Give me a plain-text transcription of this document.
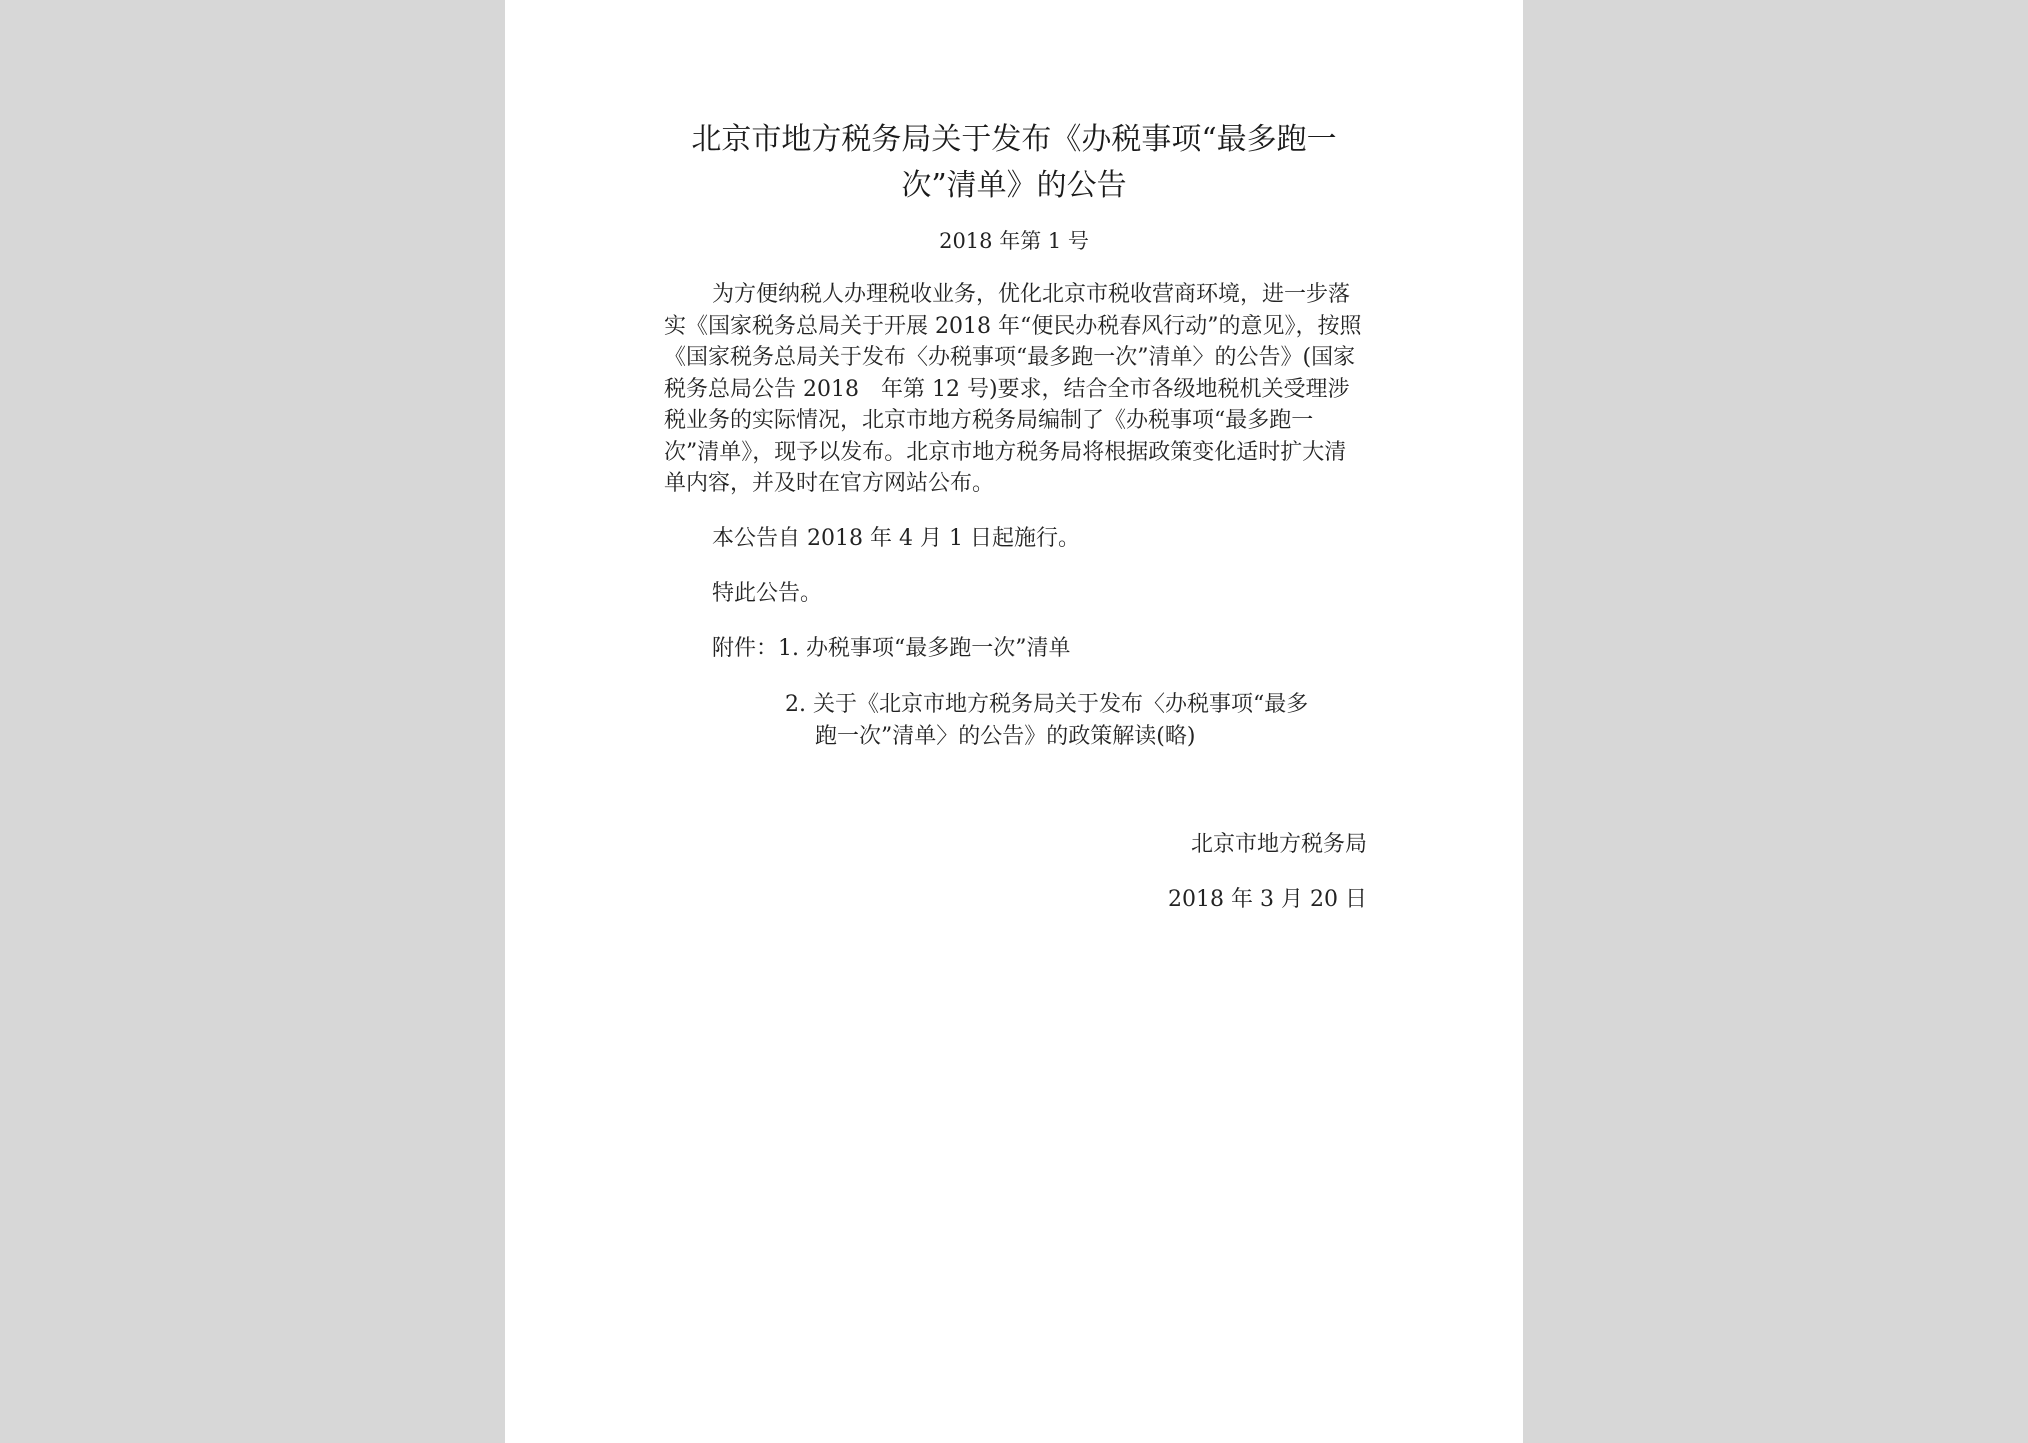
北京市地方税务局关于发布《办税事项“最多跑一
次”清单》的公告
2018 年第 1 号

为方便纳税人办理税收业务，优化北京市税收营商环境，进一步落实《国家税务总局关于开展 2018 年“便民办税春风行动”的意见》，按照《国家税务总局关于发布〈办税事项“最多跑一次”清单〉的公告》(国家税务总局公告 2018　年第 12 号)要求，结合全市各级地税机关受理涉税业务的实际情况，北京市地方税务局编制了《办税事项“最多跑一次”清单》，现予以发布。北京市地方税务局将根据政策变化适时扩大清单内容，并及时在官方网站公布。

本公告自 2018 年 4 月 1 日起施行。

特此公告。

附件：1. 办税事项“最多跑一次”清单

2. 关于《北京市地方税务局关于发布〈办税事项“最多
跑一次”清单〉的公告》的政策解读(略)

北京市地方税务局
2018 年 3 月 20 日
